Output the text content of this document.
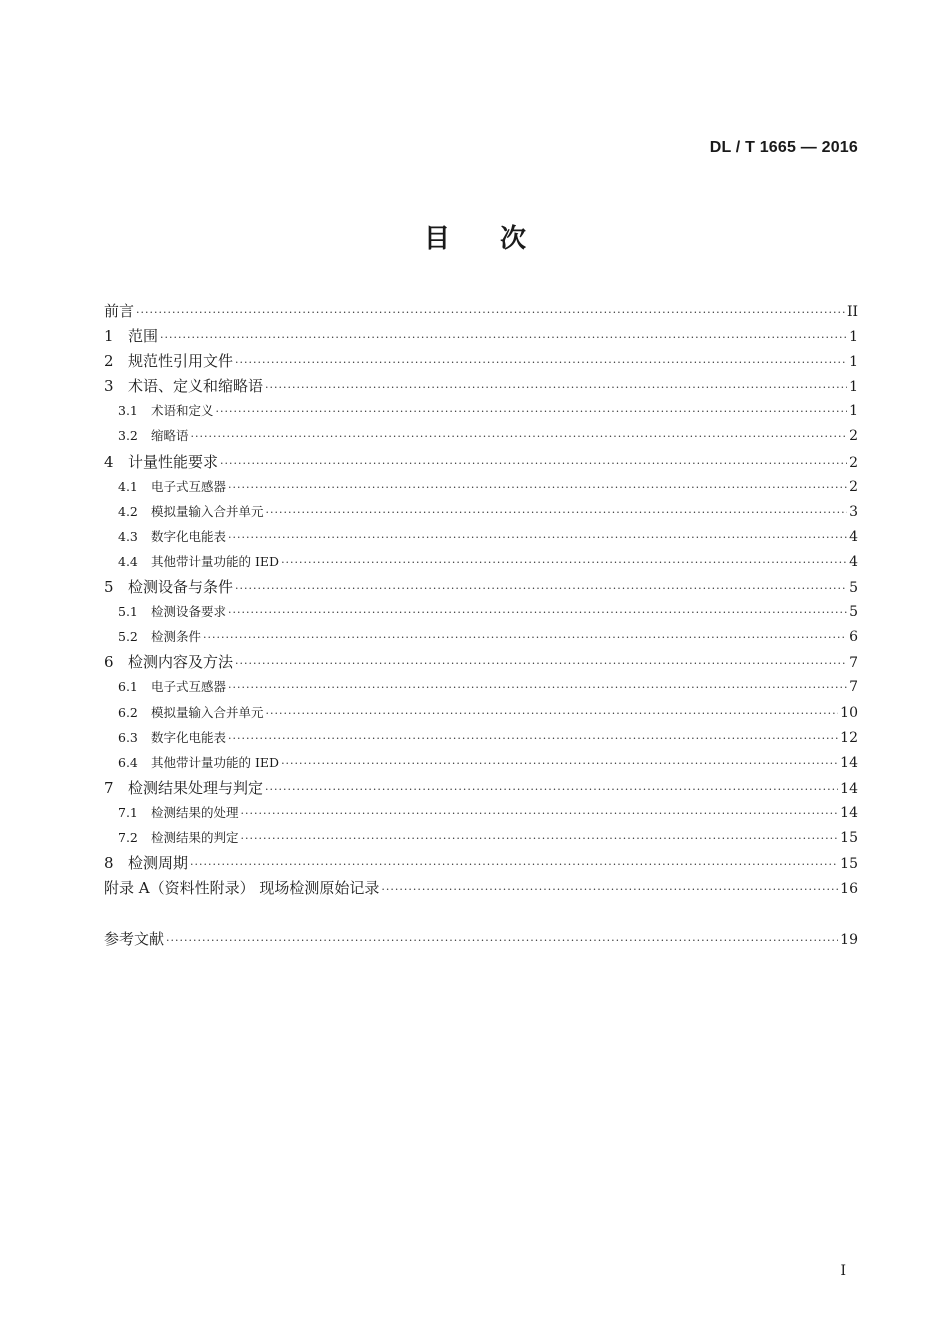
DL / T 1665 — 2016
目 次
前言 ·····	II
1 范围 ·····	1
2 规范性引用文件 ·····	1
3 术语、定义和缩略语 ·····	1
3.1	术语和定义 ·····	1
3.2	缩略语 ·····	2
4 计量性能要求 ·····	2
4.1	电子式互感器 ·····	2
4.2	模拟量输入合并单元 ·····	3
4.3	数字化电能表 ·····	4
4.4	其他带计量功能的 IED ·····	4
5 检测设备与条件 ·····	5
5.1	检测设备要求 ·····	5
5.2	检测条件 ·····	6
6 检测内容及方法 ·····	7
6.1	电子式互感器 ·····	7
6.2	模拟量输入合并单元 ·····	10
6.3	数字化电能表 ·····	12
6.4	其他带计量功能的 IED ·····	14
7 检测结果处理与判定 ·····	14
7.1	检测结果的处理 ·····	14
7.2	检测结果的判定 ·····	15
8 检测周期 ·····	15
附录 A（资料性附录） 现场检测原始记录 ·····	16
参考文献 ·····	19
I
